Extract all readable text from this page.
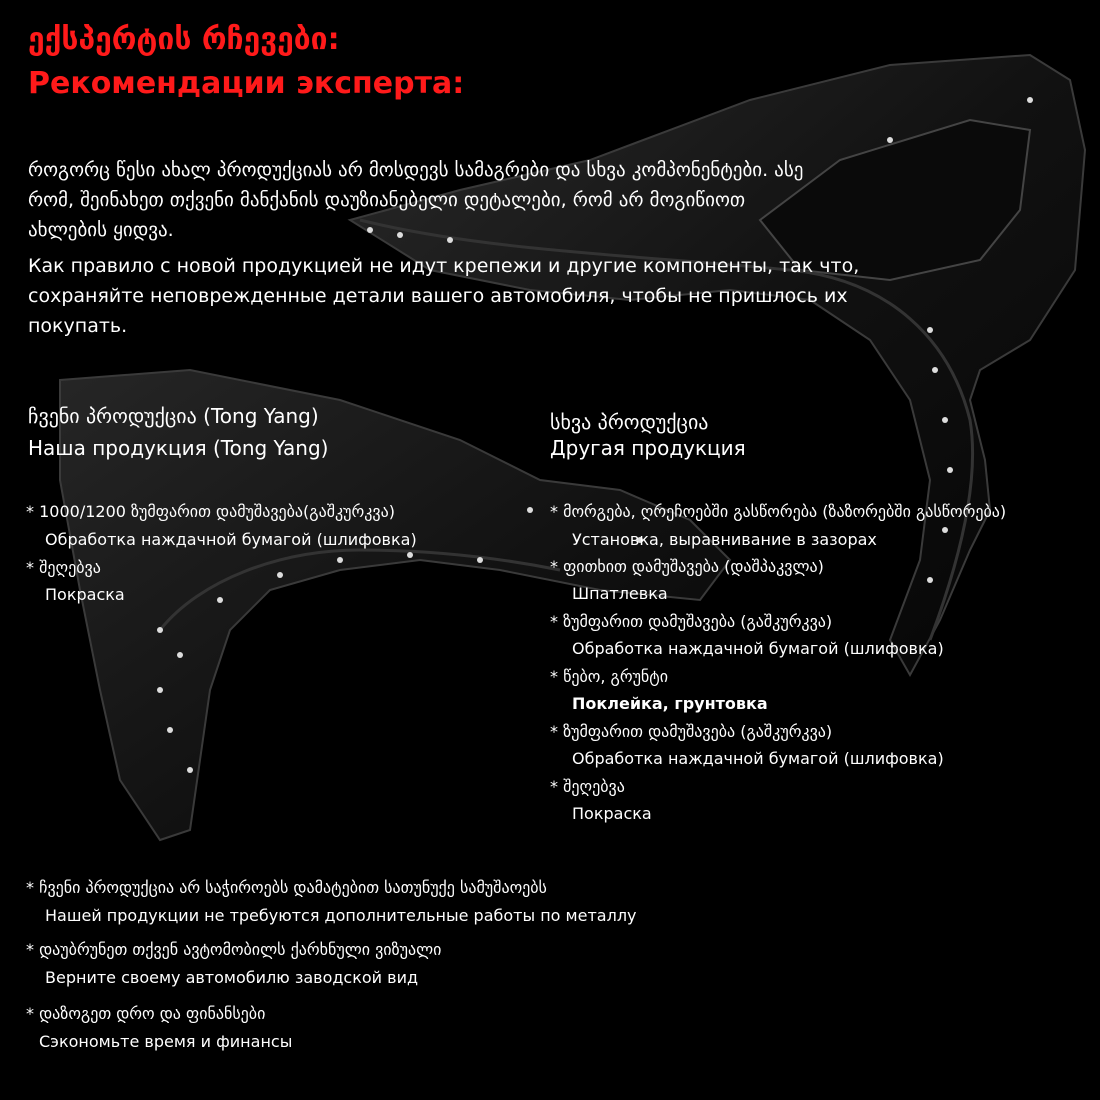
ექსპერტის რჩევები:
Рекомендации эксперта:
როგორც წესი ახალ პროდუქციას არ მოსდევს სამაგრები და სხვა კომპონენტები. ასე
რომ, შეინახეთ თქვენი მანქანის დაუზიანებელი დეტალები, რომ არ მოგიწიოთ
ახლების ყიდვა.
Как правило с новой продукцией не идут крепежи и другие компоненты, так что,
сохраняйте неповрежденные детали вашего автомобиля, чтобы не пришлось их
покупать.
ჩვენი პროდუქცია (Tong Yang)
Наша продукция (Tong Yang)
* 1000/1200 ზუმფარით დამუშავება(გაშკურკვა)
Обработка наждачной бумагой (шлифовка)
* შეღებვა
Покраска
სხვა პროდუქცია
Другая продукция
* მორგება, ღრეჩოებში გასწორება (ზაზორებში გასწორება)
Установка, выравнивание в зазорах
* ფითხით დამუშავება (დაშპაკვლა)
Шпатлевка
* ზუმფარით დამუშავება (გაშკურკვა)
Обработка наждачной бумагой (шлифовка)
* წებო, გრუნტი
Поклейка, грунтовка
* ზუმფარით დამუშავება (გაშკურკვა)
Обработка наждачной бумагой (шлифовка)
* შეღებვა
Покраска
* ჩვენი პროდუქცია არ საჭიროებს დამატებით სათუნუქე სამუშაოებს
Нашей продукции не требуются дополнительные работы по металлу
* დაუბრუნეთ თქვენ ავტომობილს ქარხნული ვიზუალი
Верните своему автомобилю заводской вид
* დაზოგეთ დრო და ფინანსები
Сэкономьте время и финансы
